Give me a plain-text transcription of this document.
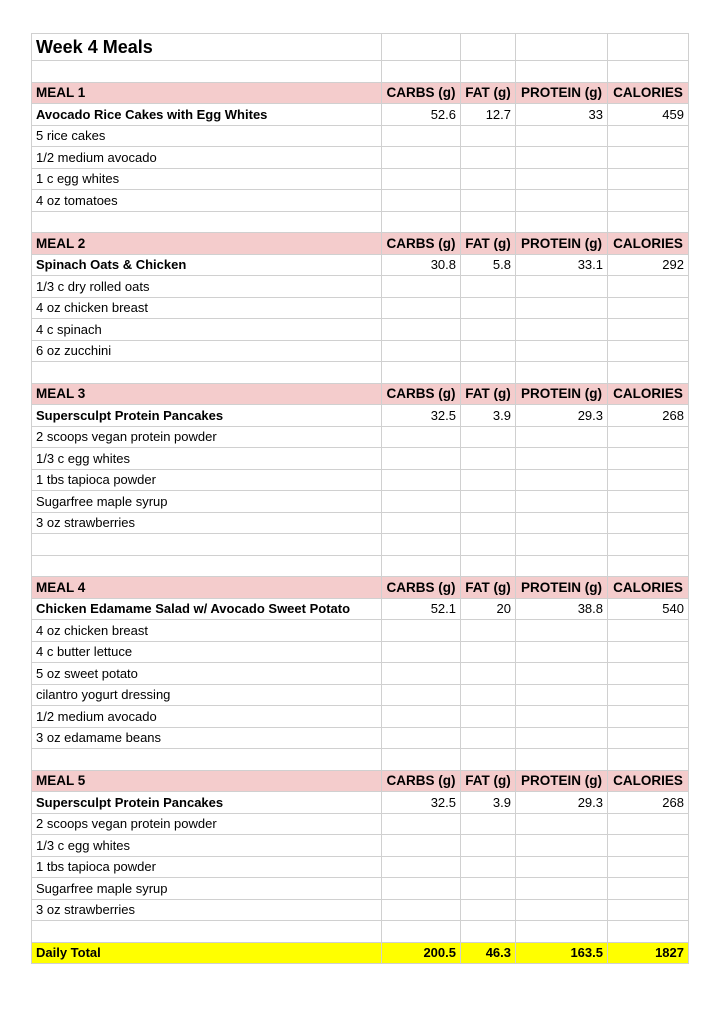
Week 4 Meals				

MEAL 1	CARBS (g)	FAT (g)	PROTEIN (g)	CALORIES
Avocado Rice Cakes with Egg Whites	52.6	12.7	33	459
5 rice cakes				
1/2 medium avocado				
1 c egg whites				
4 oz tomatoes				

MEAL 2	CARBS (g)	FAT (g)	PROTEIN (g)	CALORIES
Spinach Oats & Chicken	30.8	5.8	33.1	292
1/3 c dry rolled oats				
4 oz chicken breast				
4 c spinach				
6 oz zucchini				

MEAL 3	CARBS (g)	FAT (g)	PROTEIN (g)	CALORIES
Supersculpt Protein Pancakes	32.5	3.9	29.3	268
2 scoops vegan protein powder				
1/3 c egg whites				
1 tbs tapioca powder				
Sugarfree maple syrup				
3 oz strawberries				

MEAL 4	CARBS (g)	FAT (g)	PROTEIN (g)	CALORIES
Chicken Edamame Salad w/ Avocado Sweet Potato	52.1	20	38.8	540
4 oz chicken breast				
4 c butter lettuce				
5 oz sweet potato				
cilantro yogurt dressing				
1/2 medium avocado				
3 oz edamame beans				

MEAL 5	CARBS (g)	FAT (g)	PROTEIN (g)	CALORIES
Supersculpt Protein Pancakes	32.5	3.9	29.3	268
2 scoops vegan protein powder				
1/3 c egg whites				
1 tbs tapioca powder				
Sugarfree maple syrup				
3 oz strawberries				

Daily Total	200.5	46.3	163.5	1827
